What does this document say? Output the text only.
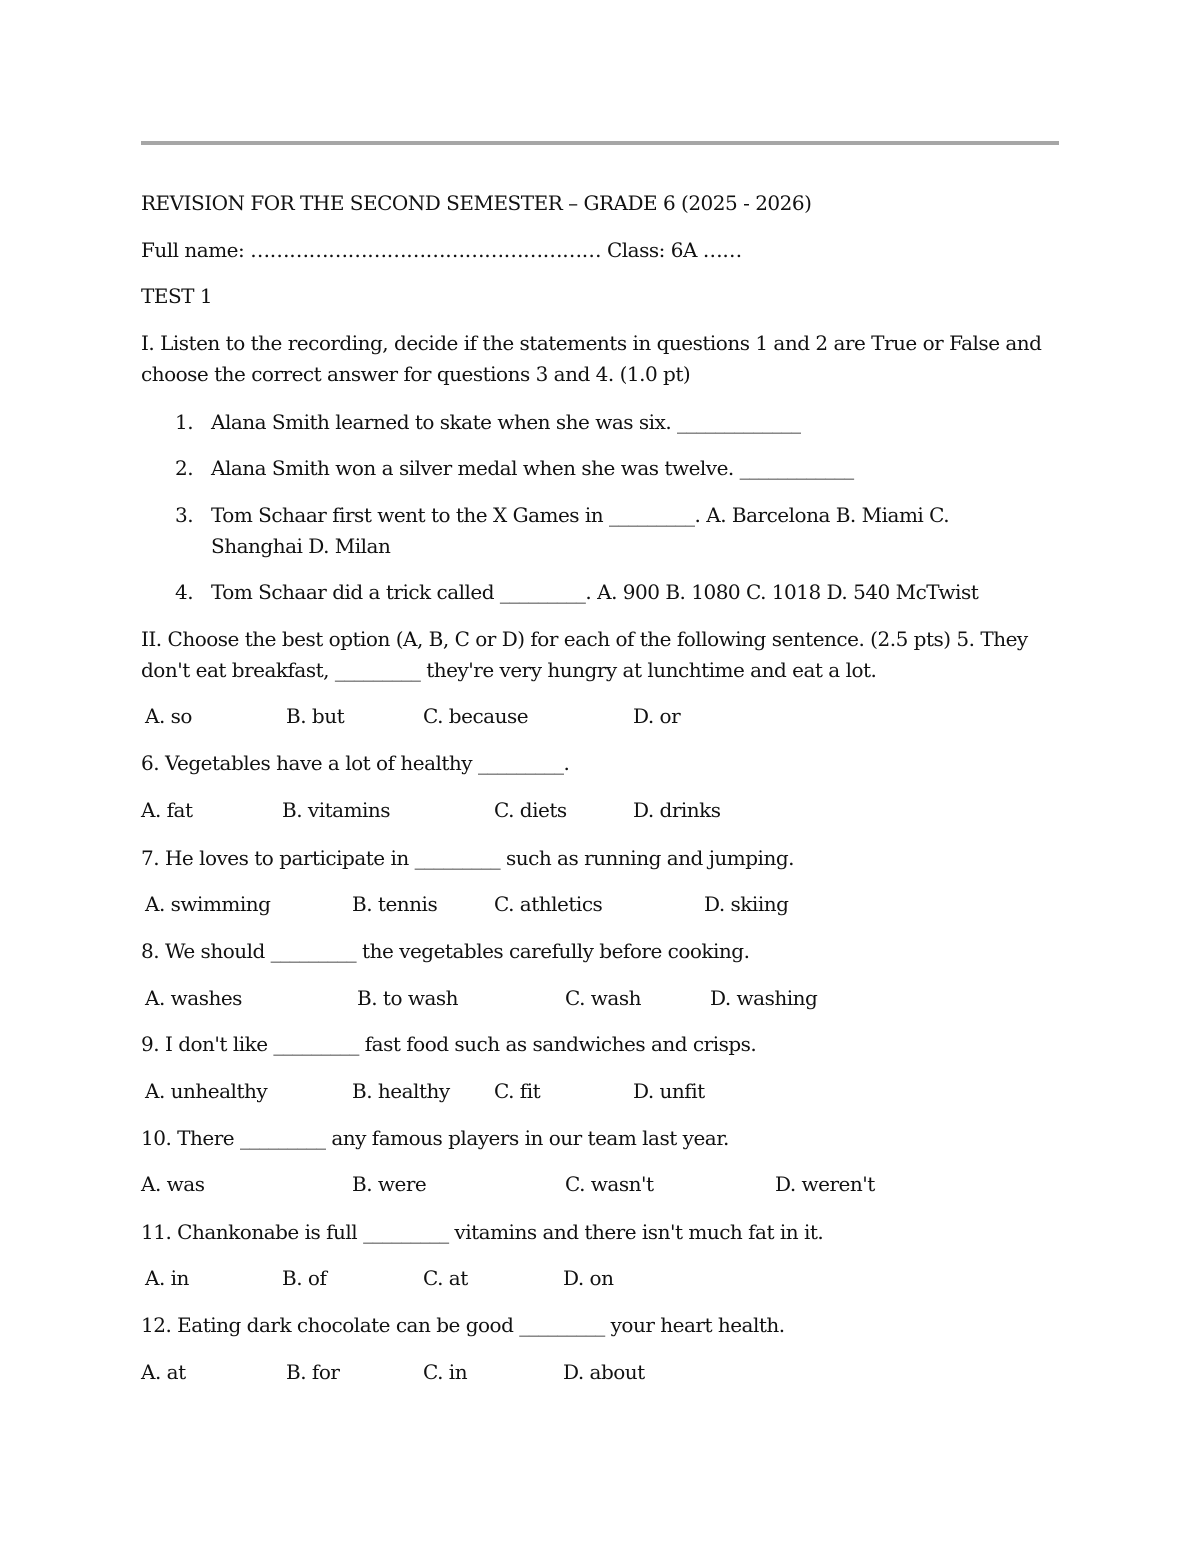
REVISION FOR THE SECOND SEMESTER – GRADE 6 (2025 - 2026)
Full name: ……………………………………………… Class: 6A ……
TEST 1
I. Listen to the recording, decide if the statements in questions 1 and 2 are True or False and choose the correct answer for questions 3 and 4. (1.0 pt)
1. Alana Smith learned to skate when she was six. _____________
2. Alana Smith won a silver medal when she was twelve. ____________
3. Tom Schaar first went to the X Games in _________. A. Barcelona B. Miami C. Shanghai D. Milan
4. Tom Schaar did a trick called _________. A. 900 B. 1080 C. 1018 D. 540 McTwist
II. Choose the best option (A, B, C or D) for each of the following sentence. (2.5 pts) 5. They don't eat breakfast, _________ they're very hungry at lunchtime and eat a lot.
A. so	B. but	C. because	D. or
6. Vegetables have a lot of healthy _________.
A. fat	B. vitamins	C. diets	D. drinks
7. He loves to participate in _________ such as running and jumping.
A. swimming	B. tennis	C. athletics	D. skiing
8. We should _________ the vegetables carefully before cooking.
A. washes	B. to wash	C. wash	D. washing
9. I don't like _________ fast food such as sandwiches and crisps.
A. unhealthy	B. healthy C. fit	D. unfit
10. There _________ any famous players in our team last year.
A. was	B. were	C. wasn't	D. weren't
11. Chankonabe is full _________ vitamins and there isn't much fat in it.
A. in	B. of	C. at	D. on
12. Eating dark chocolate can be good _________ your heart health.
A. at	B. for	C. in	D. about
